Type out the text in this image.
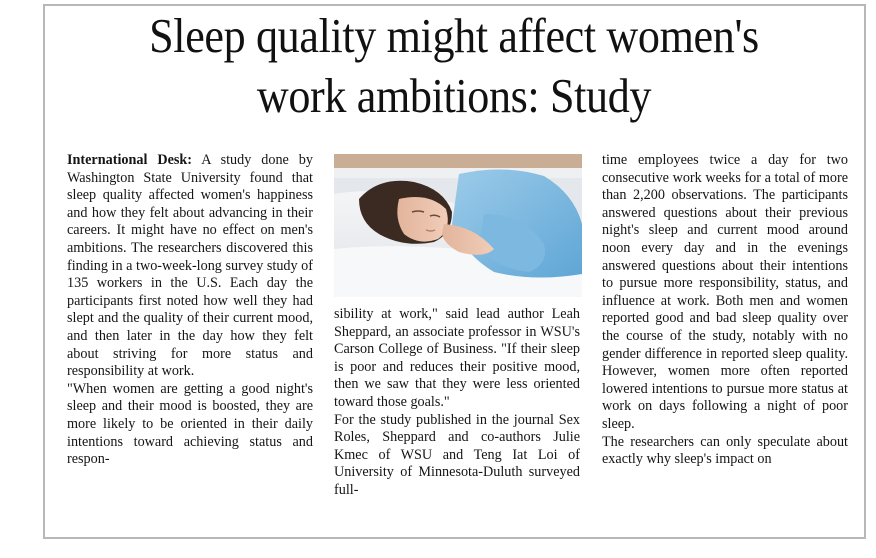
Sleep quality might affect women's
work ambitions: Study

International Desk: A study done by Washington State University found that sleep quality affected women's happiness and how they felt about advancing in their careers. It might have no effect on men's ambitions. The researchers discovered this finding in a two-week-long survey study of 135 workers in the U.S. Each day the participants first noted how well they had slept and the quality of their current mood, and then later in the day how they felt about striving for more status and responsibility at work.

"When women are getting a good night's sleep and their mood is boosted, they are more likely to be oriented in their daily intentions toward achieving status and respon-

sibility at work," said lead author Leah Sheppard, an associate professor in WSU's Carson College of Business. "If their sleep is poor and reduces their positive mood, then we saw that they were less oriented toward those goals."

For the study published in the journal Sex Roles, Sheppard and co-authors Julie Kmec of WSU and Teng Iat Loi of University of Minnesota-Duluth surveyed full-

time employees twice a day for two consecutive work weeks for a total of more than 2,200 observations. The participants answered questions about their previous night's sleep and current mood around noon every day and in the evenings answered questions about their intentions to pursue more responsibility, status, and influence at work. Both men and women reported good and bad sleep quality over the course of the study, notably with no gender difference in reported sleep quality. However, women more often reported lowered intentions to pursue more status at work on days following a night of poor sleep.

The researchers can only speculate about exactly why sleep's impact on
